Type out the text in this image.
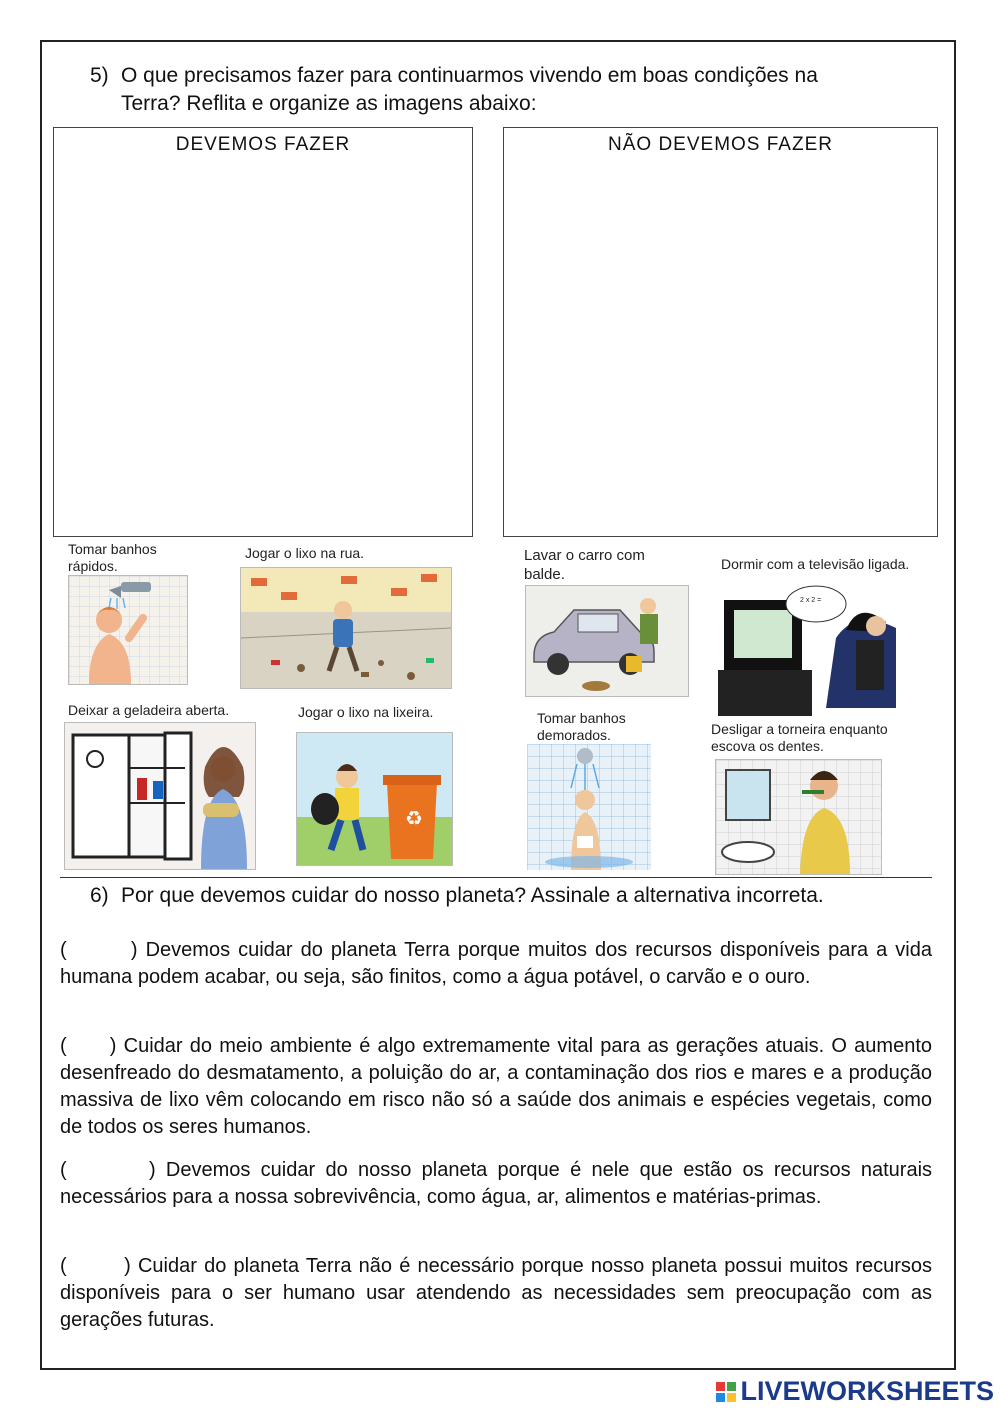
5) O que precisamos fazer para continuarmos vivendo em boas condições na
Terra? Reflita e organize as imagens abaixo:
DEVEMOS FAZER	NÃO DEVEMOS FAZER
Tomar banhos
rápidos.
Jogar o lixo na rua.	Lavar o carro com
balde.
Dormir com a televisão ligada.
2 x 2 =
Deixar a geladeira aberta.	Jogar o lixo na lixeira.
♻
Tomar banhos
demorados.	Desligar a torneira enquanto
escova os dentes.
6) Por que devemos cuidar do nosso planeta? Assinale a alternativa incorreta.
(        ) Devemos cuidar do planeta Terra porque muitos dos recursos disponíveis para a vida humana podem acabar, ou seja, são finitos, como a água potável, o carvão e o ouro.
(      ) Cuidar do meio ambiente é algo extremamente vital para as gerações atuais. O aumento desenfreado do desmatamento, a poluição do ar, a contaminação dos rios e mares e a produção massiva de lixo vêm colocando em risco não só a saúde dos animais e espécies vegetais, como de todos os seres humanos.
(        ) Devemos cuidar do nosso planeta porque é nele que estão os recursos naturais necessários para a nossa sobrevivência, como água, ar, alimentos e matérias-primas.
(        ) Cuidar do planeta Terra não é necessário porque nosso planeta possui muitos recursos disponíveis para o ser humano usar atendendo as necessidades sem preocupação com as gerações futuras.
LIVEWORKSHEETS
